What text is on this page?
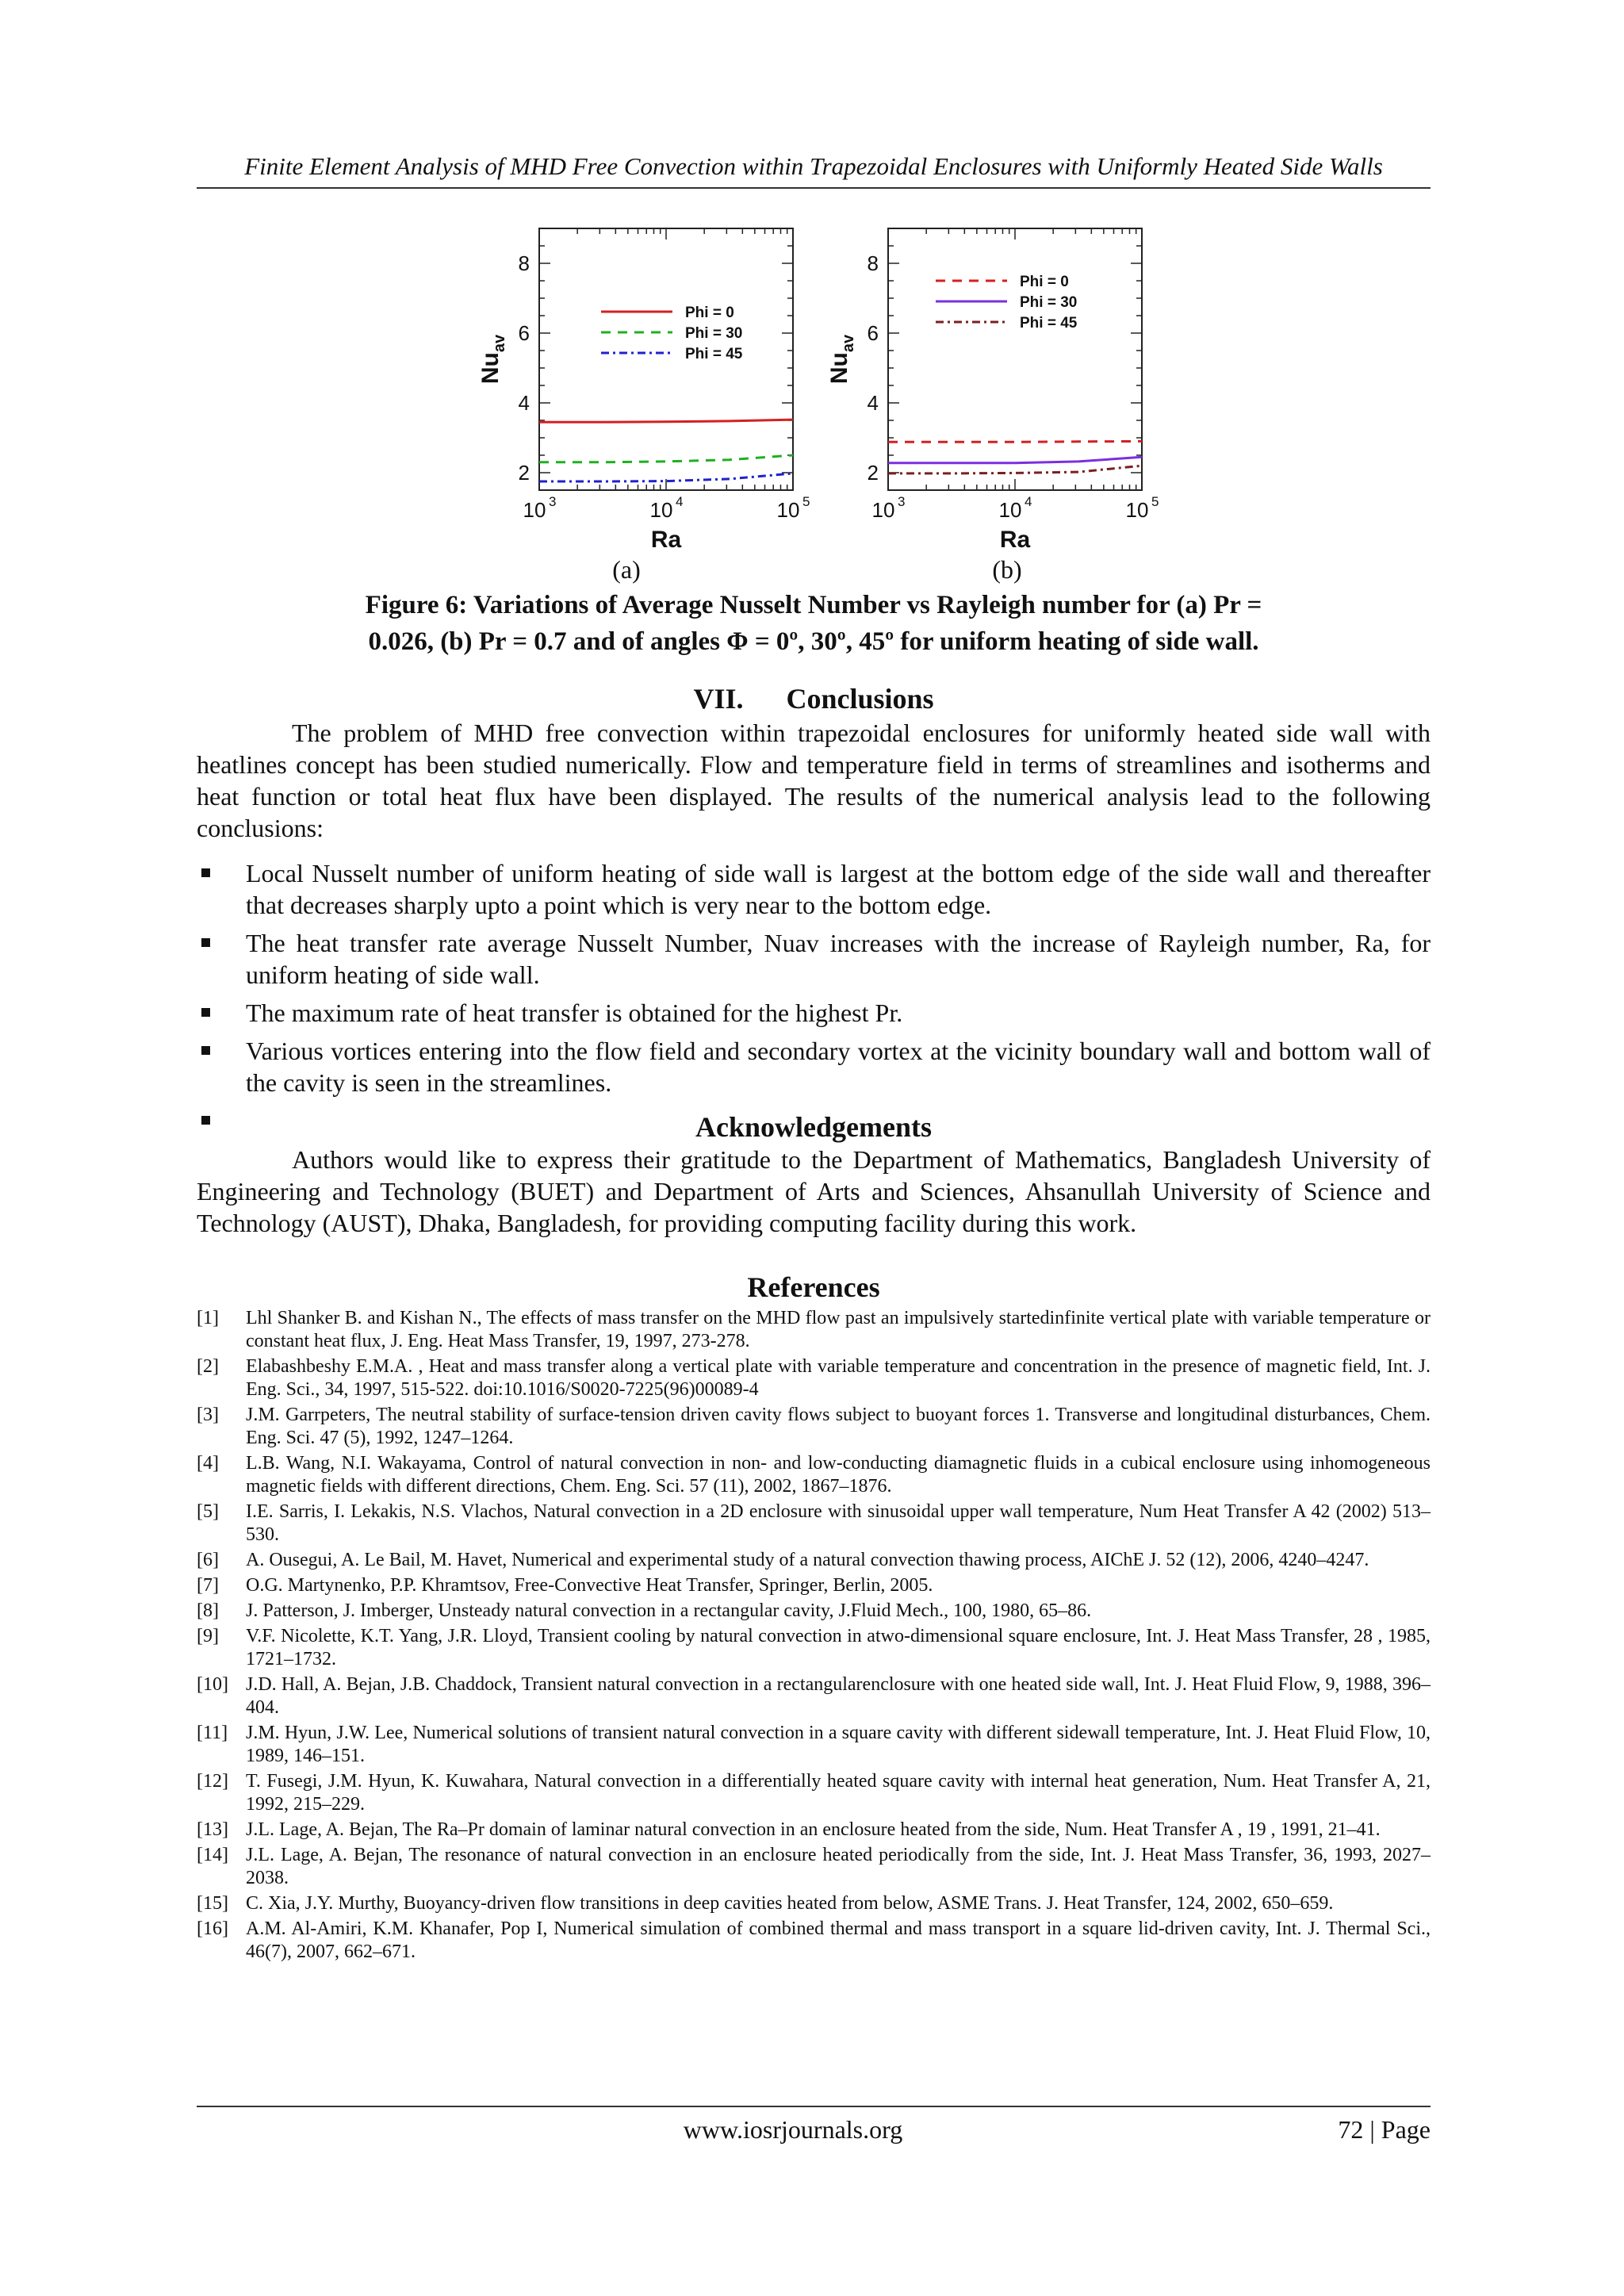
Finite Element Analysis of MHD Free Convection within Trapezoidal Enclosures with Uniformly Heated Side Walls
2
4
6
8
10 3	10 4	10 5
Ra
$Nu_{av}$
Phi = 0
Phi = 30
Phi = 45
2
4
6
8
10 3	10 4	10 5
Ra
$Nu_{av}$
Phi = 0
Phi = 30
Phi = 45
(a)	(b)
Figure 6: Variations of Average Nusselt Number vs Rayleigh number for (a) Pr =
0.026, (b) Pr = 0.7 and of angles Φ = 0º, 30º, 45º for uniform heating of side wall.
VII.      Conclusions
The problem of MHD free convection within trapezoidal enclosures for uniformly heated side wall with heatlines concept has been studied numerically. Flow and temperature field in terms of streamlines and isotherms and heat function or total heat flux have been displayed. The results of the numerical analysis lead to the following conclusions:
Local Nusselt number of uniform heating of side wall is largest at the bottom edge of the side wall and thereafter that decreases sharply upto a point which is very near to the bottom edge.
The heat transfer rate average Nusselt Number, Nuav increases with the increase of Rayleigh number, Ra, for uniform heating of side wall.
The maximum rate of heat transfer is obtained for the highest Pr.
Various vortices entering into the flow field and secondary vortex at the vicinity boundary wall and bottom wall of the cavity is seen in the streamlines.
Acknowledgements
Authors would like to express their gratitude to the Department of Mathematics, Bangladesh University of Engineering and Technology (BUET) and Department of Arts and Sciences, Ahsanullah University of Science and Technology (AUST), Dhaka, Bangladesh, for providing computing facility during this work.
References
[1] Lhl Shanker B. and Kishan N., The effects of mass transfer on the MHD flow past an impulsively startedinfinite vertical plate with variable temperature or constant heat flux, J. Eng. Heat Mass Transfer, 19, 1997, 273-278.
[2] Elabashbeshy E.M.A. , Heat and mass transfer along a vertical plate with variable temperature and concentration in the presence of magnetic field, Int. J. Eng. Sci., 34, 1997, 515-522. doi:10.1016/S0020-7225(96)00089-4
[3] J.M. Garrpeters, The neutral stability of surface-tension driven cavity flows subject to buoyant forces 1. Transverse and longitudinal disturbances, Chem. Eng. Sci. 47 (5), 1992, 1247–1264.
[4] L.B. Wang, N.I. Wakayama, Control of natural convection in non- and low-conducting diamagnetic fluids in a cubical enclosure using inhomogeneous magnetic fields with different directions, Chem. Eng. Sci. 57 (11), 2002, 1867–1876.
[5] I.E. Sarris, I. Lekakis, N.S. Vlachos, Natural convection in a 2D enclosure with sinusoidal upper wall temperature, Num Heat Transfer A 42 (2002) 513–530.
[6] A. Ousegui, A. Le Bail, M. Havet, Numerical and experimental study of a natural convection thawing process, AIChE J. 52 (12), 2006, 4240–4247.
[7] O.G. Martynenko, P.P. Khramtsov, Free-Convective Heat Transfer, Springer, Berlin, 2005.
[8] J. Patterson, J. Imberger, Unsteady natural convection in a rectangular cavity, J.Fluid Mech., 100, 1980, 65–86.
[9] V.F. Nicolette, K.T. Yang, J.R. Lloyd, Transient cooling by natural convection in atwo-dimensional square enclosure, Int. J. Heat Mass Transfer, 28 , 1985, 1721–1732.
[10] J.D. Hall, A. Bejan, J.B. Chaddock, Transient natural convection in a rectangularenclosure with one heated side wall, Int. J. Heat Fluid Flow, 9, 1988, 396–404.
[11] J.M. Hyun, J.W. Lee, Numerical solutions of transient natural convection in a square cavity with different sidewall temperature, Int. J. Heat Fluid Flow, 10, 1989, 146–151.
[12] T. Fusegi, J.M. Hyun, K. Kuwahara, Natural convection in a differentially heated square cavity with internal heat generation, Num. Heat Transfer A, 21, 1992, 215–229.
[13] J.L. Lage, A. Bejan, The Ra–Pr domain of laminar natural convection in an enclosure heated from the side, Num. Heat Transfer A , 19 , 1991, 21–41.
[14] J.L. Lage, A. Bejan, The resonance of natural convection in an enclosure heated periodically from the side, Int. J. Heat Mass Transfer, 36, 1993, 2027–2038.
[15] C. Xia, J.Y. Murthy, Buoyancy-driven flow transitions in deep cavities heated from below, ASME Trans. J. Heat Transfer, 124, 2002, 650–659.
[16] A.M. Al-Amiri, K.M. Khanafer, Pop I, Numerical simulation of combined thermal and mass transport in a square lid-driven cavity, Int. J. Thermal Sci., 46(7), 2007, 662–671.
www.iosrjournals.org	72 | Page
